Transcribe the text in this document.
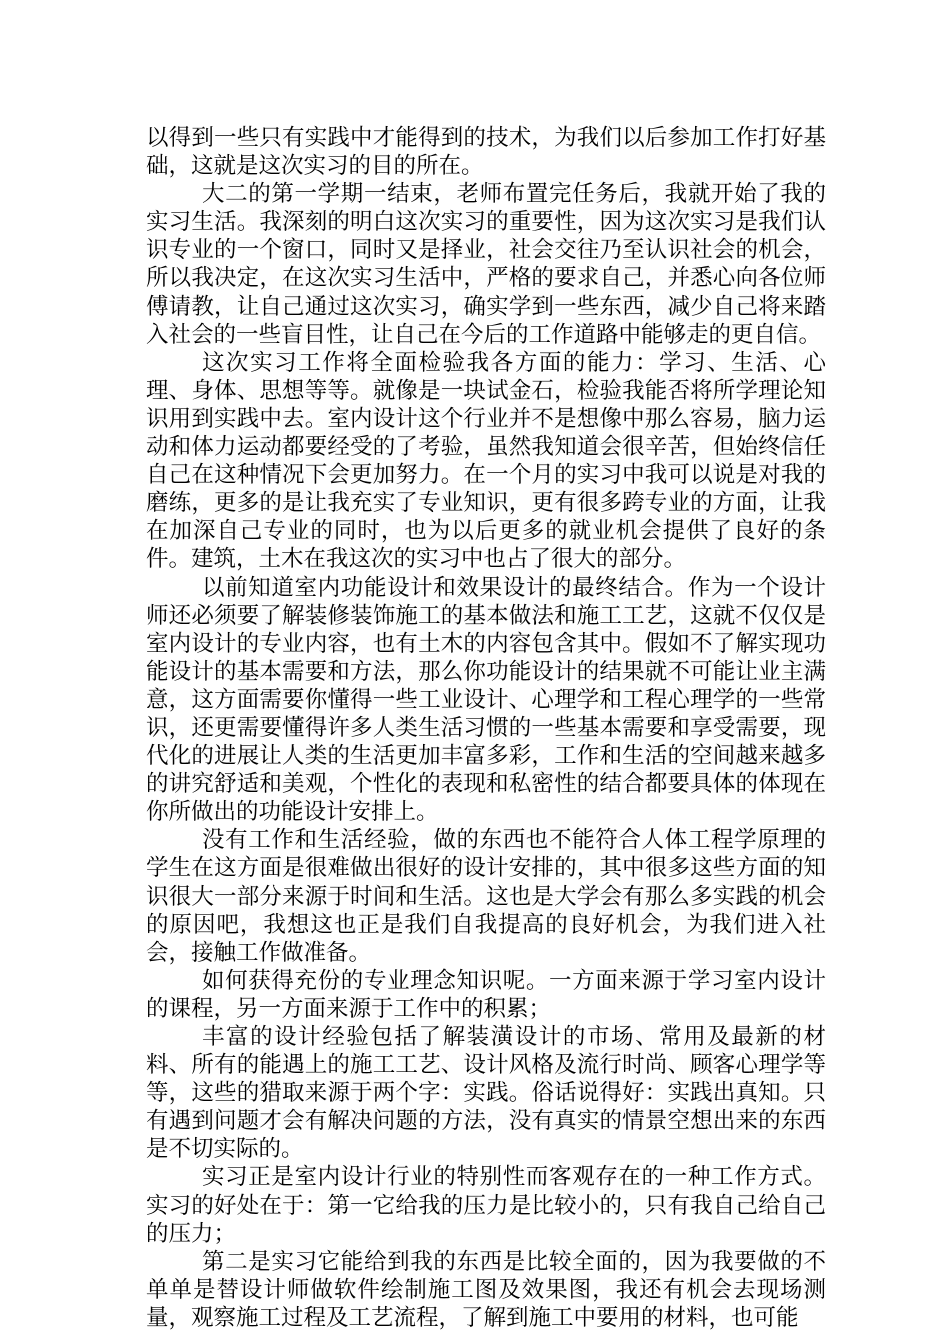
以得到一些只有实践中才能得到的技术，为我们以后参加工作打好基础，这就是这次实习的目的所在。

大二的第一学期一结束，老师布置完任务后，我就开始了我的实习生活。我深刻的明白这次实习的重要性，因为这次实习是我们认识专业的一个窗口，同时又是择业，社会交往乃至认识社会的机会，所以我决定，在这次实习生活中，严格的要求自己，并悉心向各位师傅请教，让自己通过这次实习，确实学到一些东西，减少自己将来踏入社会的一些盲目性，让自己在今后的工作道路中能够走的更自信。

这次实习工作将全面检验我各方面的能力：学习、生活、心理、身体、思想等等。就像是一块试金石，检验我能否将所学理论知识用到实践中去。室内设计这个行业并不是想像中那么容易，脑力运动和体力运动都要经受的了考验，虽然我知道会很辛苦，但始终信任自己在这种情况下会更加努力。在一个月的实习中我可以说是对我的磨练，更多的是让我充实了专业知识，更有很多跨专业的方面，让我在加深自己专业的同时，也为以后更多的就业机会提供了良好的条件。建筑，土木在我这次的实习中也占了很大的部分。

以前知道室内功能设计和效果设计的最终结合。作为一个设计师还必须要了解装修装饰施工的基本做法和施工工艺，这就不仅仅是室内设计的专业内容，也有土木的内容包含其中。假如不了解实现功能设计的基本需要和方法，那么你功能设计的结果就不可能让业主满意，这方面需要你懂得一些工业设计、心理学和工程心理学的一些常识，还更需要懂得许多人类生活习惯的一些基本需要和享受需要，现代化的进展让人类的生活更加丰富多彩，工作和生活的空间越来越多的讲究舒适和美观，个性化的表现和私密性的结合都要具体的体现在你所做出的功能设计安排上。

没有工作和生活经验，做的东西也不能符合人体工程学原理的学生在这方面是很难做出很好的设计安排的，其中很多这些方面的知识很大一部分来源于时间和生活。这也是大学会有那么多实践的机会的原因吧，我想这也正是我们自我提高的良好机会，为我们进入社会，接触工作做准备。

如何获得充份的专业理念知识呢。一方面来源于学习室内设计的课程，另一方面来源于工作中的积累；

丰富的设计经验包括了解装潢设计的市场、常用及最新的材料、所有的能遇上的施工工艺、设计风格及流行时尚、顾客心理学等等，这些的猎取来源于两个字：实践。俗话说得好：实践出真知。只有遇到问题才会有解决问题的方法，没有真实的情景空想出来的东西是不切实际的。

实习正是室内设计行业的特别性而客观存在的一种工作方式。实习的好处在于：第一它给我的压力是比较小的，只有我自己给自己的压力；

第二是实习它能给到我的东西是比较全面的，因为我要做的不单单是替设计师做软件绘制施工图及效果图，我还有机会去现场测量，观察施工过程及工艺流程，了解到施工中要用的材料，也可能
